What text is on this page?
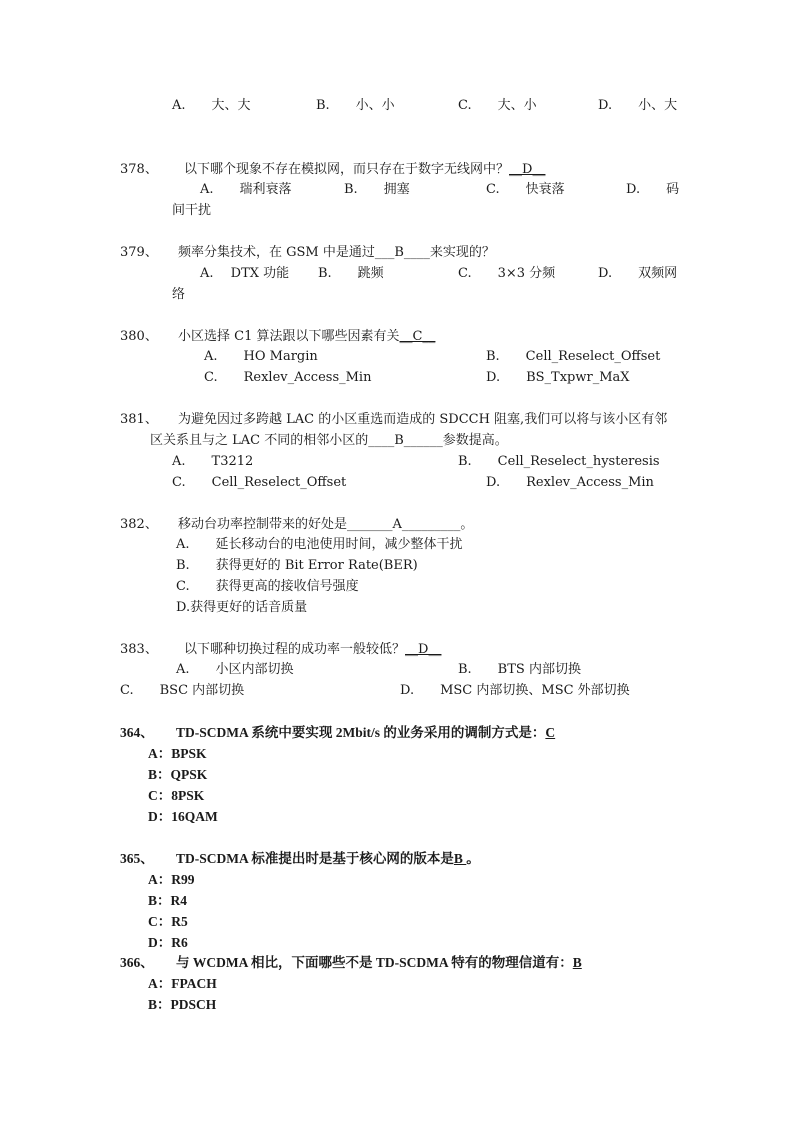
A.　　大、大

	B.　　小、小

	C.　　大、小

	D.　　小、大

378、 以下哪个现象不存在模拟网，而只存在于数字无线网中？__D__

A.　　瑞利衰落

	B.　　拥塞

	C.　　快衰落

	D.　　码

间干扰
379、 频率分集技术，在 GSM 中是通过___B____来实现的？

A.　 DTX 功能

B.　　跳频

	C.　　3×3 分频

	D.　　双频网

络
380、 小区选择 C1 算法跟以下哪些因素有关__C__

A.　　HO Margin

	B.　　Cell_Reselect_Offset

C.　　Rexlev_Access_Min

	D.　　BS_Txpwr_MaX

381、 为避免因过多跨越 LAC 的小区重选而造成的 SDCCH 阻塞,我们可以将与该小区有邻
区关系且与之 LAC 不同的相邻小区的____B______参数提高。

A.　　T3212

	B.　　Cell_Reselect_hysteresis

C.　　Cell_Reselect_Offset

	D.　　Rexlev_Access_Min

382、 移动台功率控制带来的好处是_______A_________。
A.　　延长移动台的电池使用时间，减少整体干扰
B.　　获得更好的 Bit Error Rate(BER)
C.　　获得更高的接收信号强度
D.获得更好的话音质量
383、 以下哪种切换过程的成功率一般较低？__D__

A.　　小区内部切换

	B.　　BTS 内部切换

C.　　BSC 内部切换

	D.　　MSC 内部切换、MSC 外部切换

364、 TD-SCDMA 系统中要实现 2Mbit/s 的业务采用的调制方式是：C
A：BPSK
B：QPSK
C：8PSK
D：16QAM
365、 TD-SCDMA 标准提出时是基于核心网的版本是B 。
A：R99
B：R4
C：R5
D：R6
366、 与 WCDMA 相比，下面哪些不是 TD-SCDMA 特有的物理信道有：B
A：FPACH
B：PDSCH
